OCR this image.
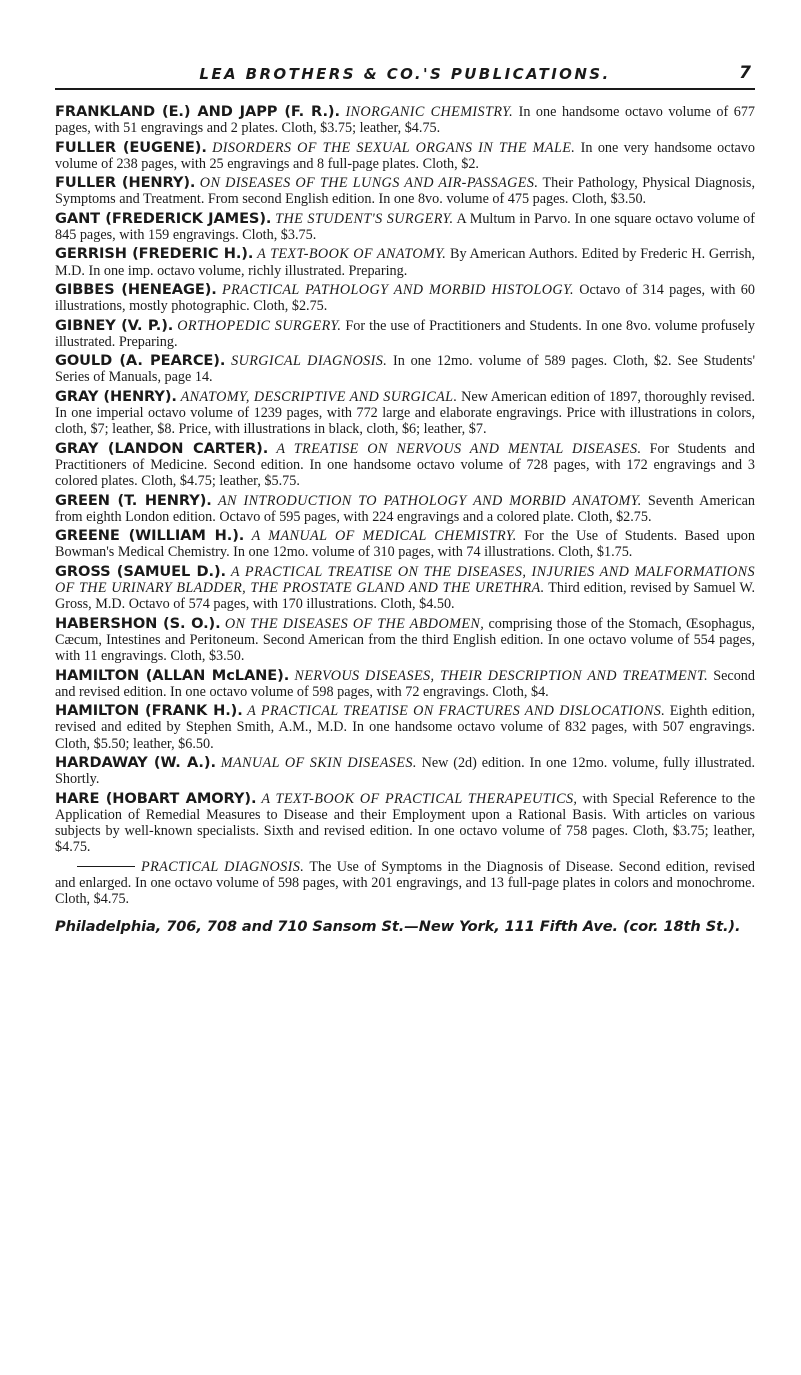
LEA BROTHERS & CO.'S PUBLICATIONS.	7
FRANKLAND (E.) AND JAPP (F. R.). INORGANIC CHEMISTRY. In one handsome octavo volume of 677 pages, with 51 engravings and 2 plates. Cloth, $3.75; leather, $4.75.
FULLER (EUGENE). DISORDERS OF THE SEXUAL ORGANS IN THE MALE. In one very handsome octavo volume of 238 pages, with 25 engravings and 8 full-page plates. Cloth, $2.
FULLER (HENRY). ON DISEASES OF THE LUNGS AND AIR-PASSAGES. Their Pathology, Physical Diagnosis, Symptoms and Treatment. From second English edition. In one 8vo. volume of 475 pages. Cloth, $3.50.
GANT (FREDERICK JAMES). THE STUDENT'S SURGERY. A Multum in Parvo. In one square octavo volume of 845 pages, with 159 engravings. Cloth, $3.75.
GERRISH (FREDERIC H.). A TEXT-BOOK OF ANATOMY. By American Authors. Edited by Frederic H. Gerrish, M.D. In one imp. octavo volume, richly illustrated. Preparing.
GIBBES (HENEAGE). PRACTICAL PATHOLOGY AND MORBID HISTOLOGY. Octavo of 314 pages, with 60 illustrations, mostly photographic. Cloth, $2.75.
GIBNEY (V. P.). ORTHOPEDIC SURGERY. For the use of Practitioners and Students. In one 8vo. volume profusely illustrated. Preparing.
GOULD (A. PEARCE). SURGICAL DIAGNOSIS. In one 12mo. volume of 589 pages. Cloth, $2. See Students' Series of Manuals, page 14.
GRAY (HENRY). ANATOMY, DESCRIPTIVE AND SURGICAL. New American edition of 1897, thoroughly revised. In one imperial octavo volume of 1239 pages, with 772 large and elaborate engravings. Price with illustrations in colors, cloth, $7; leather, $8. Price, with illustrations in black, cloth, $6; leather, $7.
GRAY (LANDON CARTER). A TREATISE ON NERVOUS AND MENTAL DISEASES. For Students and Practitioners of Medicine. Second edition. In one handsome octavo volume of 728 pages, with 172 engravings and 3 colored plates. Cloth, $4.75; leather, $5.75.
GREEN (T. HENRY). AN INTRODUCTION TO PATHOLOGY AND MORBID ANATOMY. Seventh American from eighth London edition. Octavo of 595 pages, with 224 engravings and a colored plate. Cloth, $2.75.
GREENE (WILLIAM H.). A MANUAL OF MEDICAL CHEMISTRY. For the Use of Students. Based upon Bowman's Medical Chemistry. In one 12mo. volume of 310 pages, with 74 illustrations. Cloth, $1.75.
GROSS (SAMUEL D.). A PRACTICAL TREATISE ON THE DISEASES, INJURIES AND MALFORMATIONS OF THE URINARY BLADDER, THE PROSTATE GLAND AND THE URETHRA. Third edition, revised by Samuel W. Gross, M.D. Octavo of 574 pages, with 170 illustrations. Cloth, $4.50.
HABERSHON (S. O.). ON THE DISEASES OF THE ABDOMEN, comprising those of the Stomach, Œsophagus, Cæcum, Intestines and Peritoneum. Second American from the third English edition. In one octavo volume of 554 pages, with 11 engravings. Cloth, $3.50.
HAMILTON (ALLAN McLANE). NERVOUS DISEASES, THEIR DESCRIPTION AND TREATMENT. Second and revised edition. In one octavo volume of 598 pages, with 72 engravings. Cloth, $4.
HAMILTON (FRANK H.). A PRACTICAL TREATISE ON FRACTURES AND DISLOCATIONS. Eighth edition, revised and edited by Stephen Smith, A.M., M.D. In one handsome octavo volume of 832 pages, with 507 engravings. Cloth, $5.50; leather, $6.50.
HARDAWAY (W. A.). MANUAL OF SKIN DISEASES. New (2d) edition. In one 12mo. volume, fully illustrated. Shortly.
HARE (HOBART AMORY). A TEXT-BOOK OF PRACTICAL THERAPEUTICS, with Special Reference to the Application of Remedial Measures to Disease and their Employment upon a Rational Basis. With articles on various subjects by well-known specialists. Sixth and revised edition. In one octavo volume of 758 pages. Cloth, $3.75; leather, $4.75.
PRACTICAL DIAGNOSIS. The Use of Symptoms in the Diagnosis of Disease. Second edition, revised and enlarged. In one octavo volume of 598 pages, with 201 engravings, and 13 full-page plates in colors and monochrome. Cloth, $4.75.
Philadelphia, 706, 708 and 710 Sansom St.—New York, 111 Fifth Ave. (cor. 18th St.).
